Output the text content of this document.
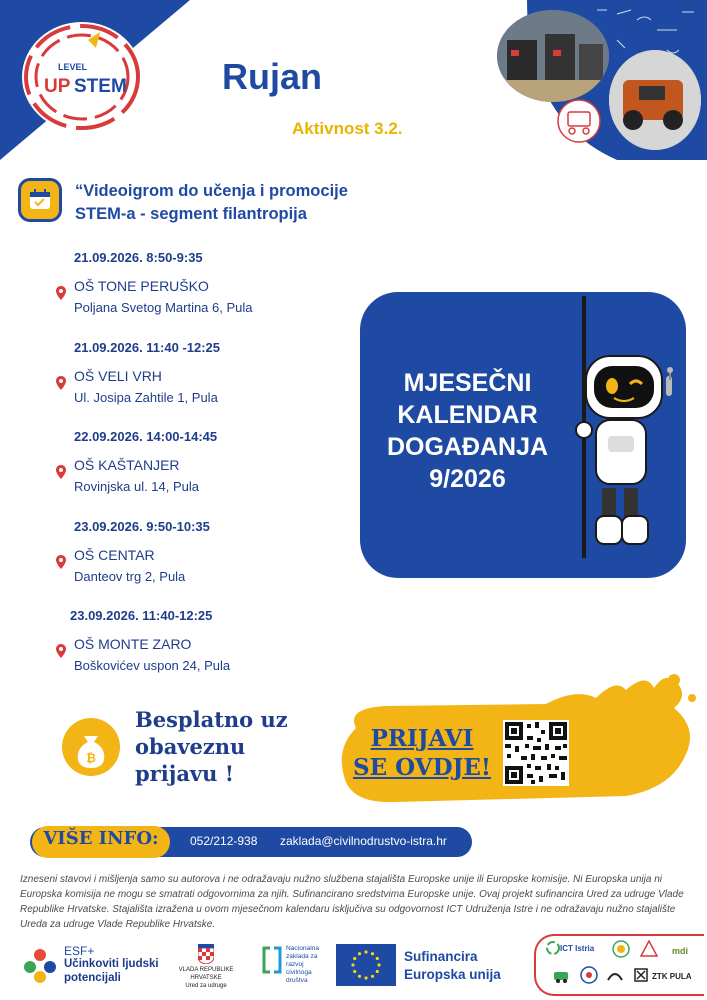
LEVEL
UP STEM	Rujan
Aktivnost 3.2.
“Videoigrom do učenja i promocije
STEM-a - segment filantropija
21.09.2026. 8:50-9:35
OŠ TONE PERUŠKO
Poljana Svetog Martina 6, Pula
21.09.2026. 11:40 -12:25
OŠ VELI VRH
Ul. Josipa Zahtile 1, Pula
22.09.2026. 14:00-14:45
OŠ KAŠTANJER
Rovinjska ul. 14, Pula
23.09.2026. 9:50-10:35
OŠ CENTAR
Danteov trg 2, Pula
23.09.2026. 11:40-12:25
OŠ MONTE ZARO
Boškovićev uspon 24, Pula
MJESEČNI
KALENDAR
DOGAĐANJA
9/2026
₿
Besplatno uz
obaveznu
prijavu !
PRIJAVI
SE OVDJE!
VIŠE INFO:	052/212-938 zaklada@civilnodrustvo-istra.hr
Izneseni stavovi i mišljenja samo su autorova i ne odražavaju nužno službena stajališta Europske unije ili Europske komisije. Ni Europska unija ni Europska komisija ne mogu se smatrati odgovornima za njih. Sufinancirano sredstvima Europske unije. Ovaj projekt sufinancira Ured za udruge Vlade Republike Hrvatske. Stajališta izražena u ovom mjesečnom kalendaru isključiva su odgovornost ICT Udruženja Istre i ne odražavaju nužno stajalište Ureda za udruge Vlade Republike Hrvatske.
ESF+
Učinkoviti ljudski
potencijali
VLADA REPUBLIKE HRVATSKE
Ured za udruge
Nacionalna
zaklada za
razvoj
civilnoga
društva
Sufinancira
Europska unija
ICT Istria	mdi
ZTK PULA
